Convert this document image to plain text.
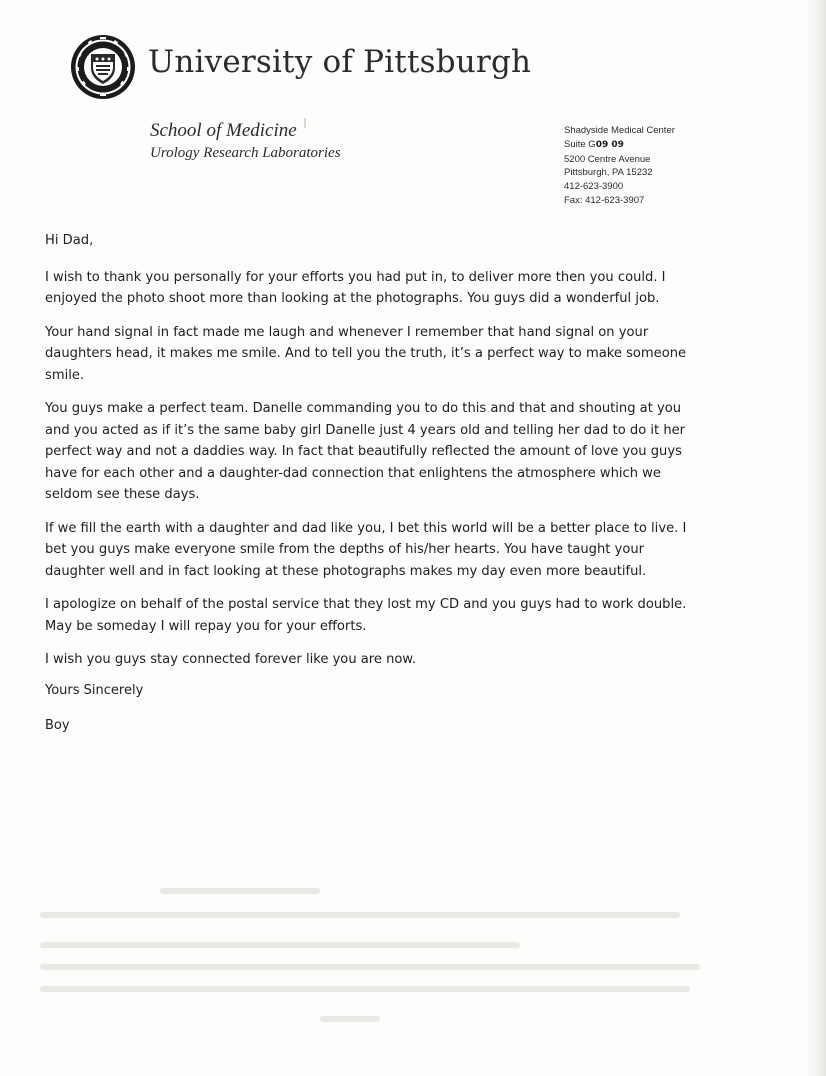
University of Pittsburgh
School of Medicine
Urology Research Laboratories
Shadyside Medical Center
Suite G09 09
5200 Centre Avenue
Pittsburgh, PA 15232
412-623-3900
Fax: 412-623-3907

Hi Dad,

I wish to thank you personally for your efforts you had put in, to deliver more then you could. I enjoyed the photo shoot more than looking at the photographs. You guys did a wonderful job.

Your hand signal in fact made me laugh and whenever I remember that hand signal on your daughters head, it makes me smile. And to tell you the truth, it’s a perfect way to make someone smile.

You guys make a perfect team. Danelle commanding you to do this and that and shouting at you and you acted as if it’s the same baby girl Danelle just 4 years old and telling her dad to do it her perfect way and not a daddies way. In fact that beautifully reflected the amount of love you guys have for each other and a daughter-dad connection that enlightens the atmosphere which we seldom see these days.

If we fill the earth with a daughter and dad like you, I bet this world will be a better place to live. I bet you guys make everyone smile from the depths of his/her hearts. You have taught your daughter well and in fact looking at these photographs makes my day even more beautiful.

I apologize on behalf of the postal service that they lost my CD and you guys had to work double. May be someday I will repay you for your efforts.

I wish you guys stay connected forever like you are now.

Yours Sincerely
Boy
